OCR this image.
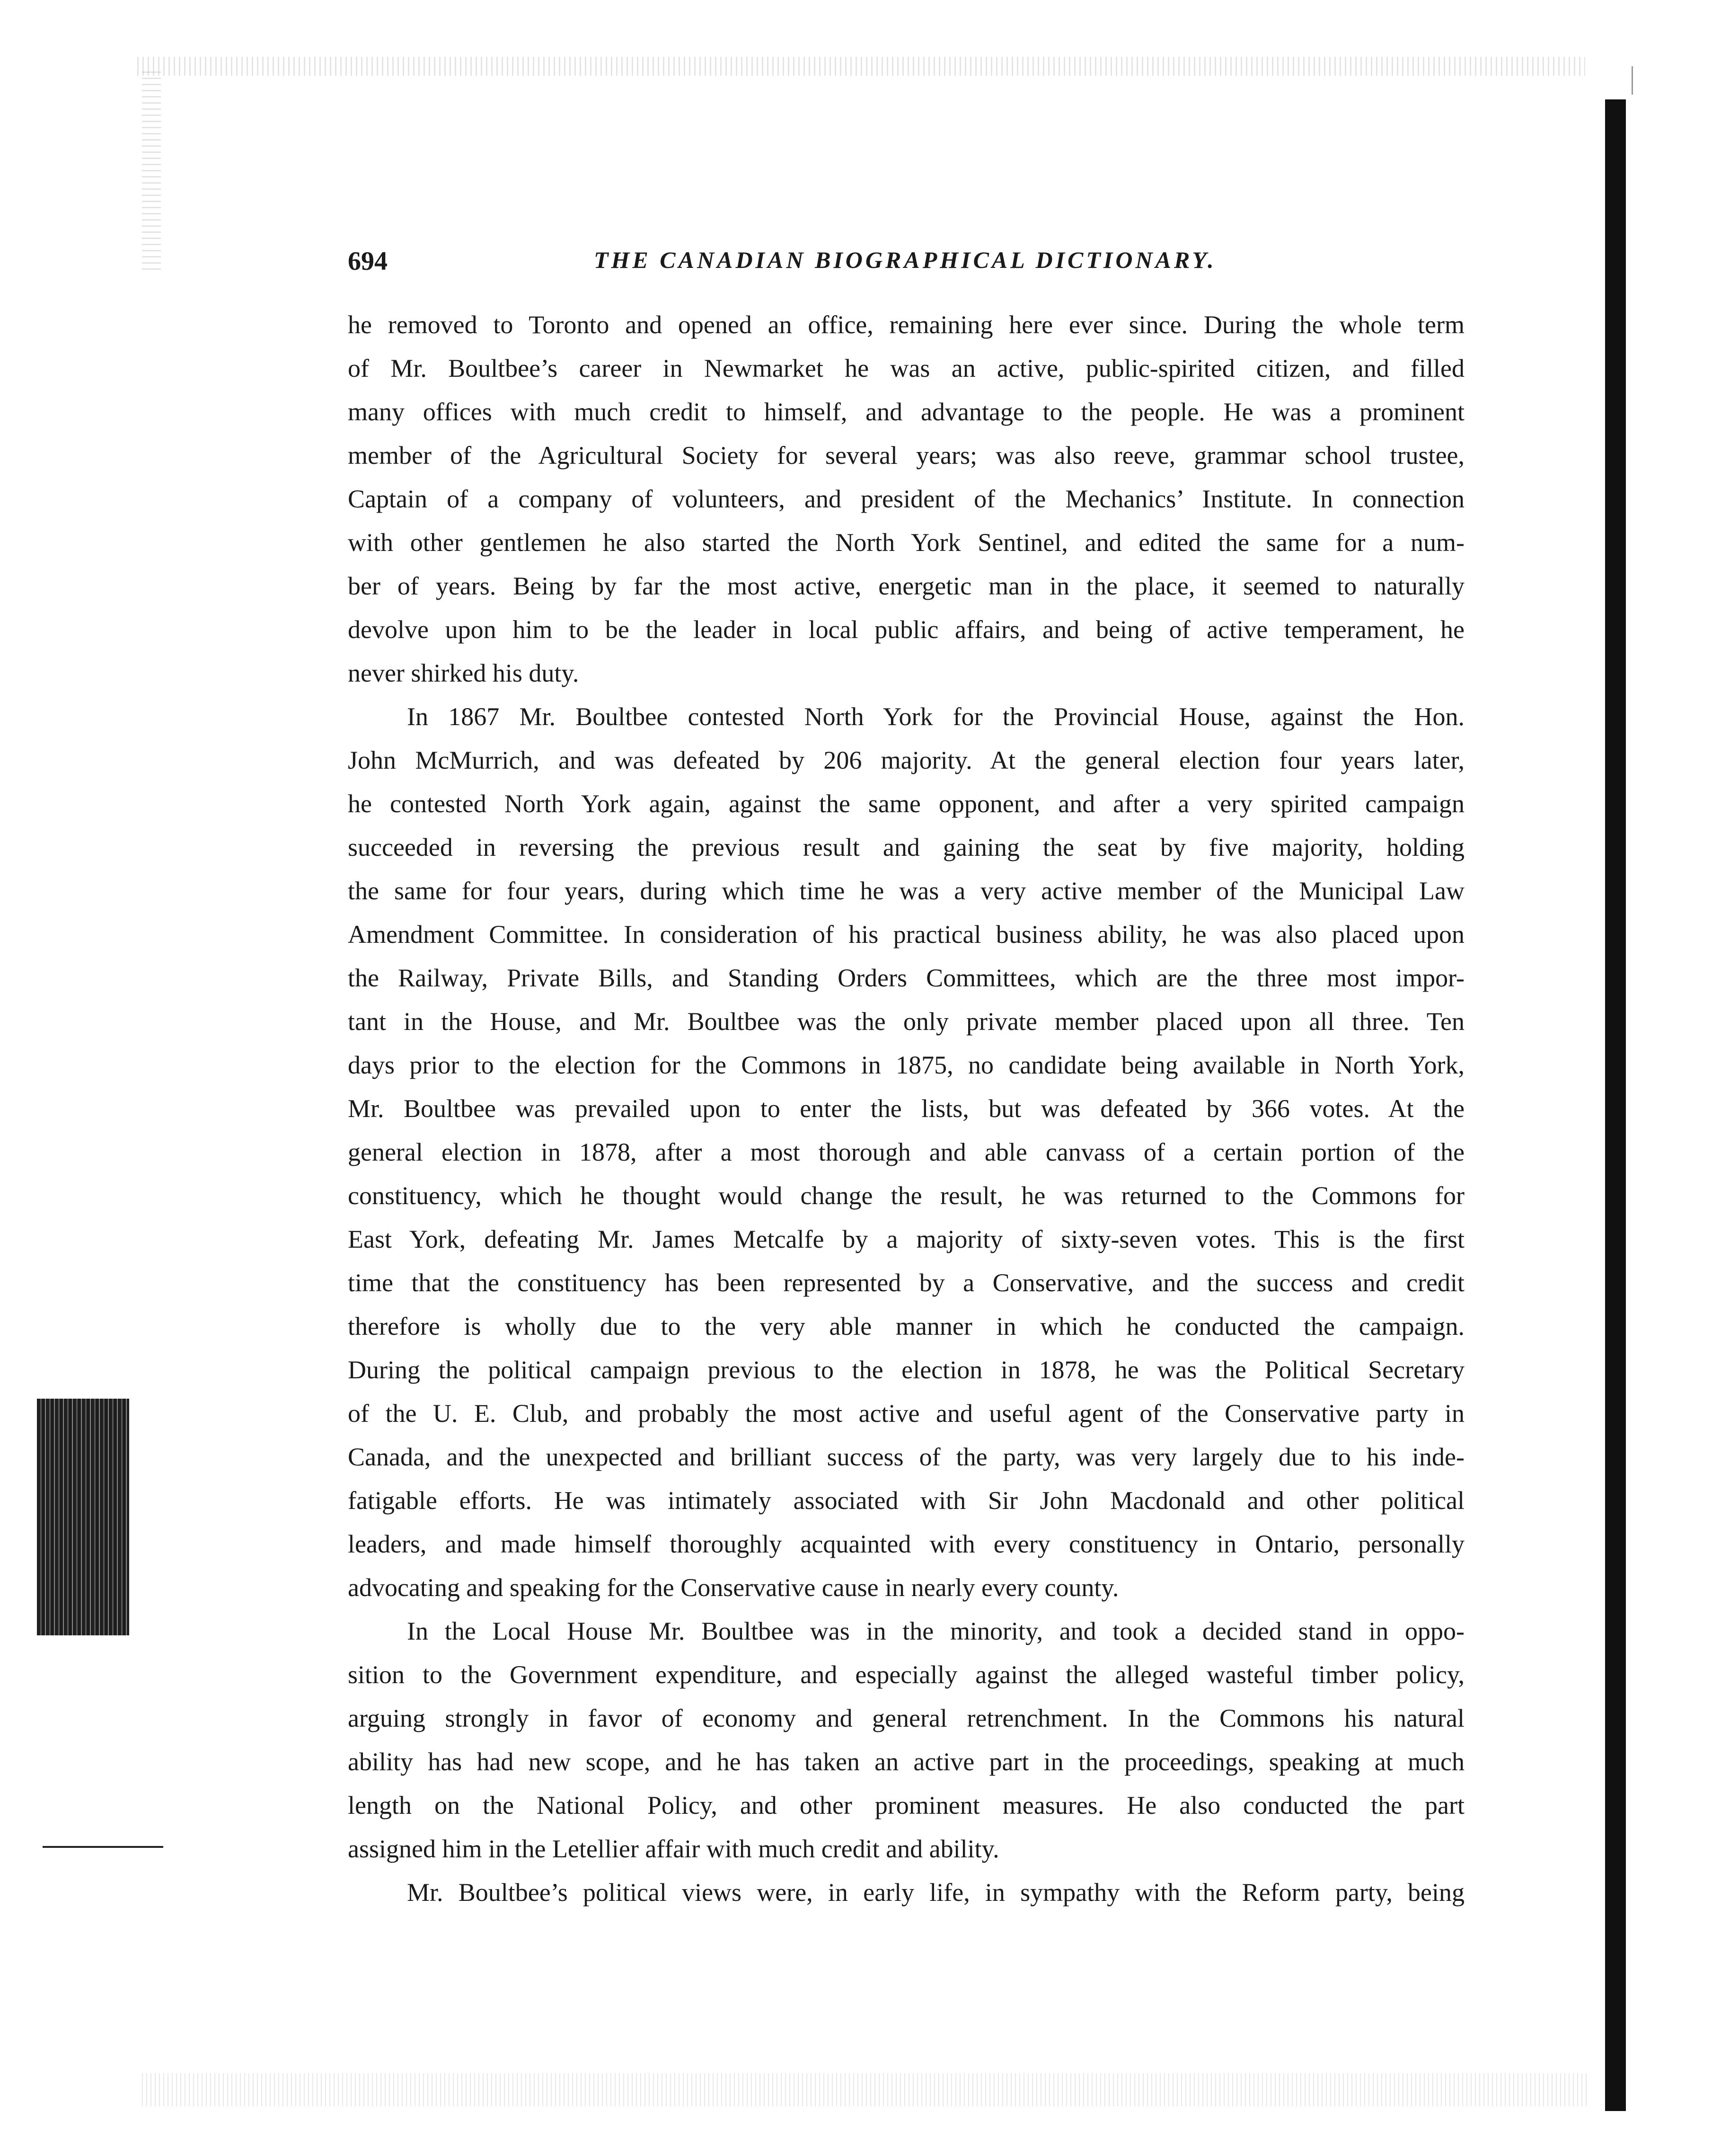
694	THE CANADIAN BIOGRAPHICAL DICTIONARY.

he removed to Toronto and opened an office, remaining here ever since. During the whole term
of Mr. Boultbee’s career in Newmarket he was an active, public-spirited citizen, and filled
many offices with much credit to himself, and advantage to the people. He was a prominent
member of the Agricultural Society for several years; was also reeve, grammar school trustee,
Captain of a company of volunteers, and president of the Mechanics’ Institute. In connection
with other gentlemen he also started the North York Sentinel, and edited the same for a num-
ber of years. Being by far the most active, energetic man in the place, it seemed to naturally
devolve upon him to be the leader in local public affairs, and being of active temperament, he
never shirked his duty.

In 1867 Mr. Boultbee contested North York for the Provincial House, against the Hon.
John McMurrich, and was defeated by 206 majority. At the general election four years later,
he contested North York again, against the same opponent, and after a very spirited campaign
succeeded in reversing the previous result and gaining the seat by five majority, holding
the same for four years, during which time he was a very active member of the Municipal Law
Amendment Committee. In consideration of his practical business ability, he was also placed upon
the Railway, Private Bills, and Standing Orders Committees, which are the three most impor-
tant in the House, and Mr. Boultbee was the only private member placed upon all three. Ten
days prior to the election for the Commons in 1875, no candidate being available in North York,
Mr. Boultbee was prevailed upon to enter the lists, but was defeated by 366 votes. At the
general election in 1878, after a most thorough and able canvass of a certain portion of the
constituency, which he thought would change the result, he was returned to the Commons for
East York, defeating Mr. James Metcalfe by a majority of sixty-seven votes. This is the first
time that the constituency has been represented by a Conservative, and the success and credit
therefore is wholly due to the very able manner in which he conducted the campaign.
During the political campaign previous to the election in 1878, he was the Political Secretary
of the U. E. Club, and probably the most active and useful agent of the Conservative party in
Canada, and the unexpected and brilliant success of the party, was very largely due to his inde-
fatigable efforts. He was intimately associated with Sir John Macdonald and other political
leaders, and made himself thoroughly acquainted with every constituency in Ontario, personally
advocating and speaking for the Conservative cause in nearly every county.

In the Local House Mr. Boultbee was in the minority, and took a decided stand in oppo-
sition to the Government expenditure, and especially against the alleged wasteful timber policy,
arguing strongly in favor of economy and general retrenchment. In the Commons his natural
ability has had new scope, and he has taken an active part in the proceedings, speaking at much
length on the National Policy, and other prominent measures. He also conducted the part
assigned him in the Letellier affair with much credit and ability.

Mr. Boultbee’s political views were, in early life, in sympathy with the Reform party, being
